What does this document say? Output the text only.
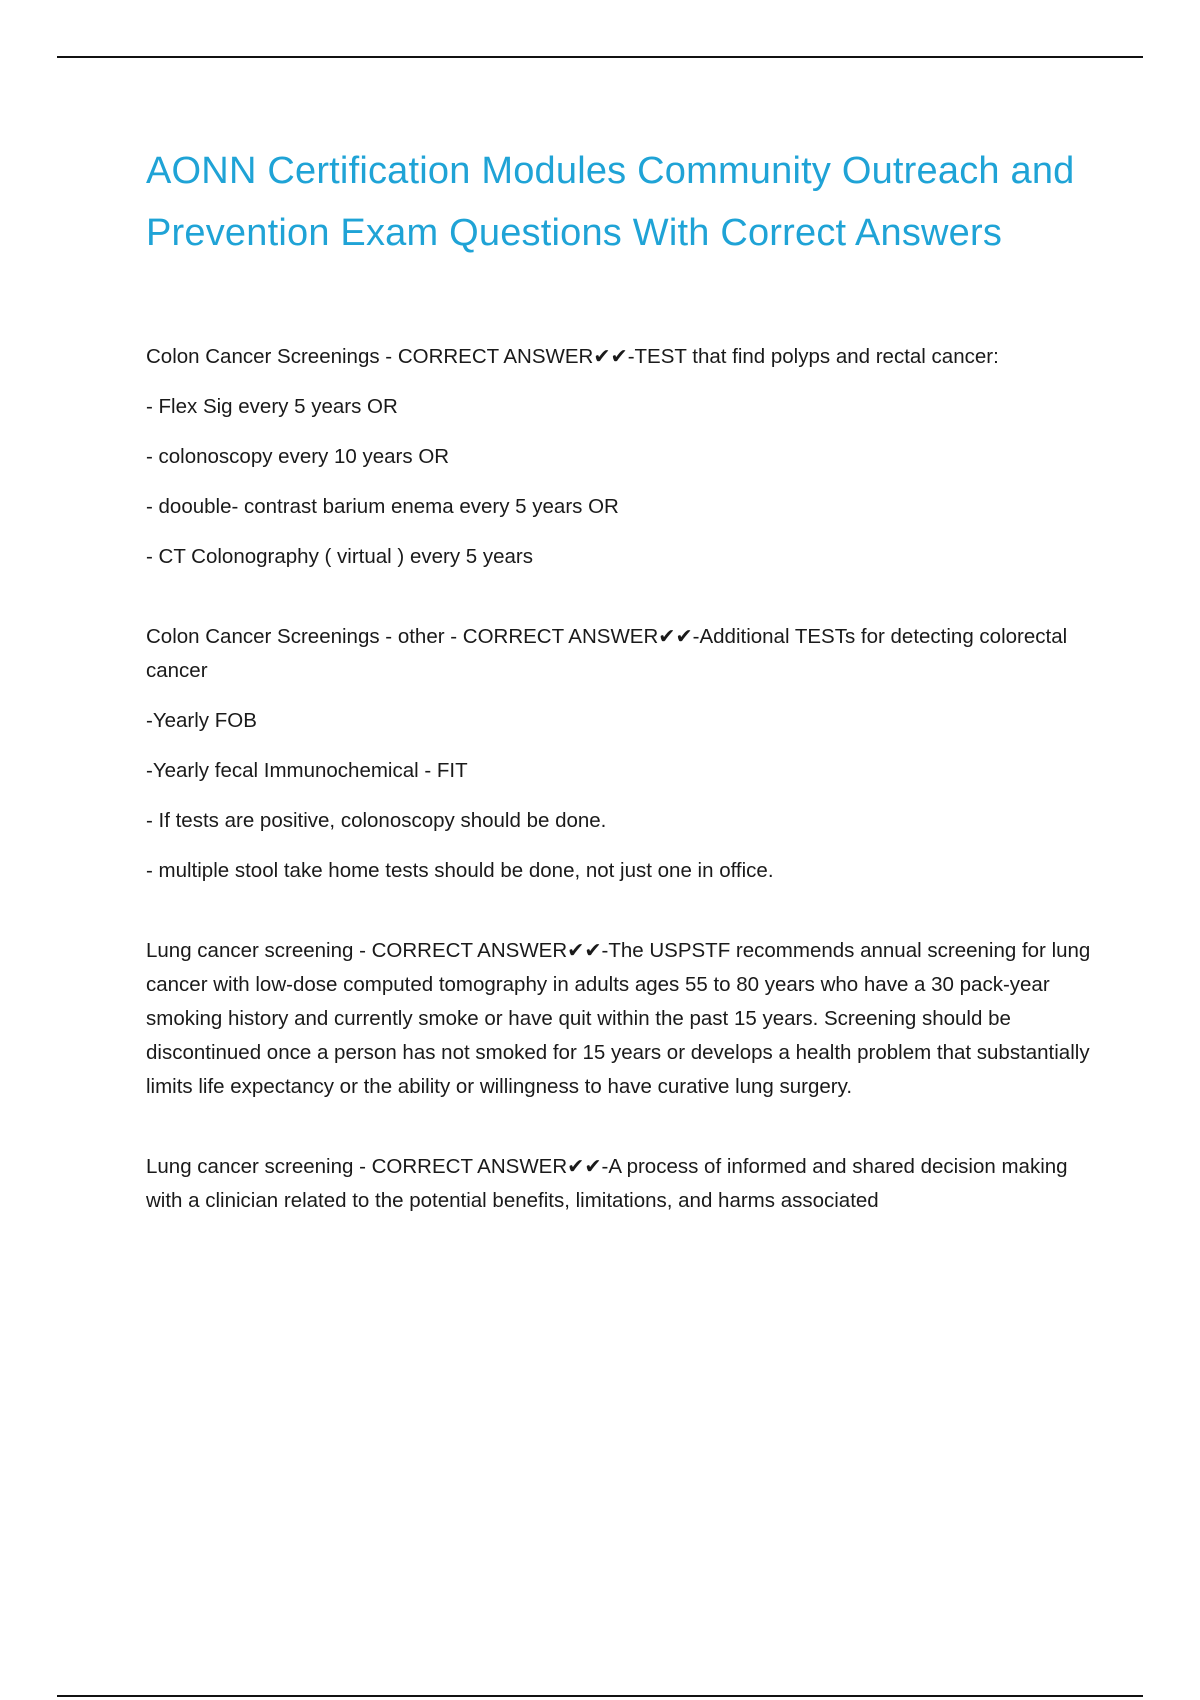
AONN Certification Modules Community Outreach and Prevention Exam Questions With Correct Answers

Colon Cancer Screenings - CORRECT ANSWER✔✔-TEST that find polyps and rectal cancer:

- Flex Sig every 5 years OR

- colonoscopy every 10 years OR

- doouble- contrast barium enema every 5 years OR

- CT Colonography ( virtual ) every 5 years

Colon Cancer Screenings - other - CORRECT ANSWER✔✔-Additional TESTs for detecting colorectal cancer

-Yearly FOB

-Yearly fecal Immunochemical - FIT

- If tests are positive, colonoscopy should be done.

- multiple stool take home tests should be done, not just one in office.

Lung cancer screening - CORRECT ANSWER✔✔-The USPSTF recommends annual screening for lung cancer with low-dose computed tomography in adults ages 55 to 80 years who have a 30 pack-year smoking history and currently smoke or have quit within the past 15 years. Screening should be discontinued once a person has not smoked for 15 years or develops a health problem that substantially limits life expectancy or the ability or willingness to have curative lung surgery.

Lung cancer screening - CORRECT ANSWER✔✔-A process of informed and shared decision making with a clinician related to the potential benefits, limitations, and harms associated
